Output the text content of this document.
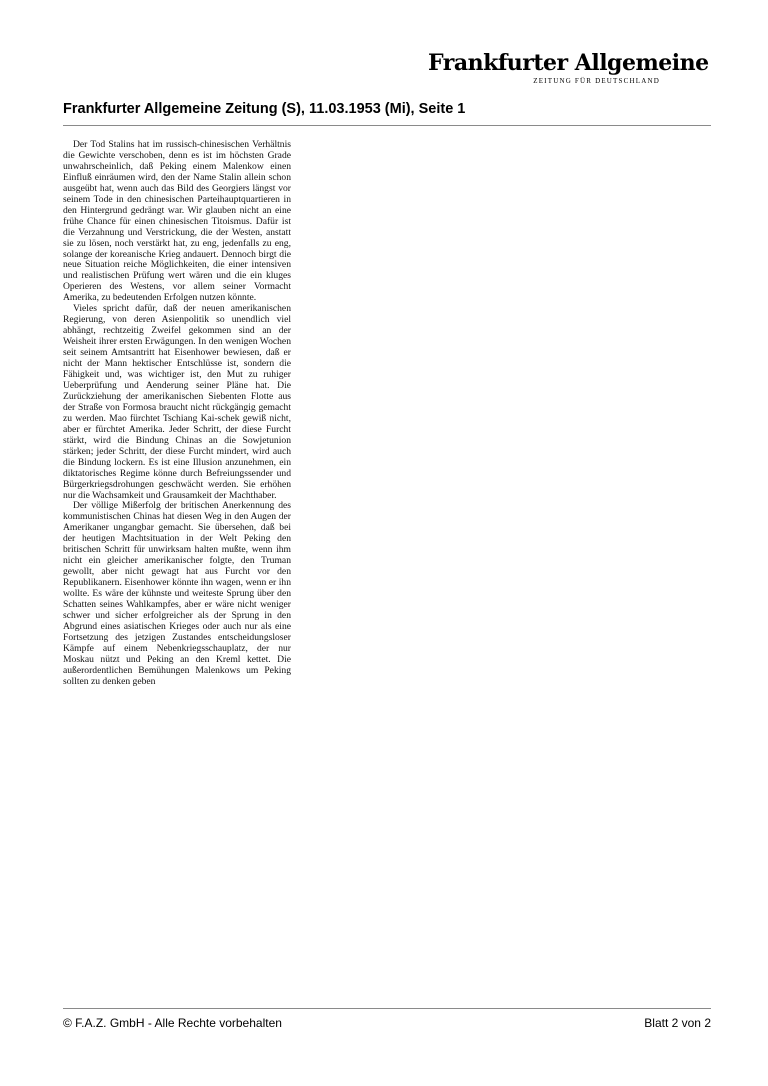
Frankfurter Allgemeine
ZEITUNG FÜR DEUTSCHLAND
Frankfurter Allgemeine Zeitung (S), 11.03.1953 (Mi), Seite 1

Der Tod Stalins hat im russisch-chinesischen Verhältnis die Gewichte verschoben, denn es ist im höchsten Grade unwahrscheinlich, daß Peking einem Malenkow einen Einfluß einräumen wird, den der Name Stalin allein schon ausgeübt hat, wenn auch das Bild des Georgiers längst vor seinem Tode in den chinesischen Parteihauptquartieren in den Hintergrund gedrängt war. Wir glauben nicht an eine frühe Chance für einen chinesischen Titoismus. Dafür ist die Verzahnung und Verstrickung, die der Westen, anstatt sie zu lösen, noch verstärkt hat, zu eng, jedenfalls zu eng, solange der koreanische Krieg andauert. Dennoch birgt die neue Situation reiche Möglichkeiten, die einer intensiven und realistischen Prüfung wert wären und die ein kluges Operieren des Westens, vor allem seiner Vormacht Amerika, zu bedeutenden Erfolgen nutzen könnte.

Vieles spricht dafür, daß der neuen amerikanischen Regierung, von deren Asienpolitik so unendlich viel abhängt, rechtzeitig Zweifel gekommen sind an der Weisheit ihrer ersten Erwägungen. In den wenigen Wochen seit seinem Amtsantritt hat Eisenhower bewiesen, daß er nicht der Mann hektischer Entschlüsse ist, sondern die Fähigkeit und, was wichtiger ist, den Mut zu ruhiger Ueberprüfung und Aenderung seiner Pläne hat. Die Zurückziehung der amerikanischen Siebenten Flotte aus der Straße von Formosa braucht nicht rückgängig gemacht zu werden. Mao fürchtet Tschiang Kai-schek gewiß nicht, aber er fürchtet Amerika. Jeder Schritt, der diese Furcht stärkt, wird die Bindung Chinas an die Sowjetunion stärken; jeder Schritt, der diese Furcht mindert, wird auch die Bindung lockern. Es ist eine Illusion anzunehmen, ein diktatorisches Regime könne durch Befreiungssender und Bürgerkriegsdrohungen geschwächt werden. Sie erhöhen nur die Wachsamkeit und Grausamkeit der Machthaber.

Der völlige Mißerfolg der britischen Anerkennung des kommunistischen Chinas hat diesen Weg in den Augen der Amerikaner ungangbar gemacht. Sie übersehen, daß bei der heutigen Machtsituation in der Welt Peking den britischen Schritt für unwirksam halten mußte, wenn ihm nicht ein gleicher amerikanischer folgte, den Truman gewollt, aber nicht gewagt hat aus Furcht vor den Republikanern. Eisenhower könnte ihn wagen, wenn er ihn wollte. Es wäre der kühnste und weiteste Sprung über den Schatten seines Wahlkampfes, aber er wäre nicht weniger schwer und sicher erfolgreicher als der Sprung in den Abgrund eines asiatischen Krieges oder auch nur als eine Fortsetzung des jetzigen Zustandes entscheidungsloser Kämpfe auf einem Nebenkriegsschauplatz, der nur Moskau nützt und Peking an den Kreml kettet. Die außerordentlichen Bemühungen Malenkows um Peking sollten zu denken geben

© F.A.Z. GmbH - Alle Rechte vorbehalten	Blatt 2 von 2
